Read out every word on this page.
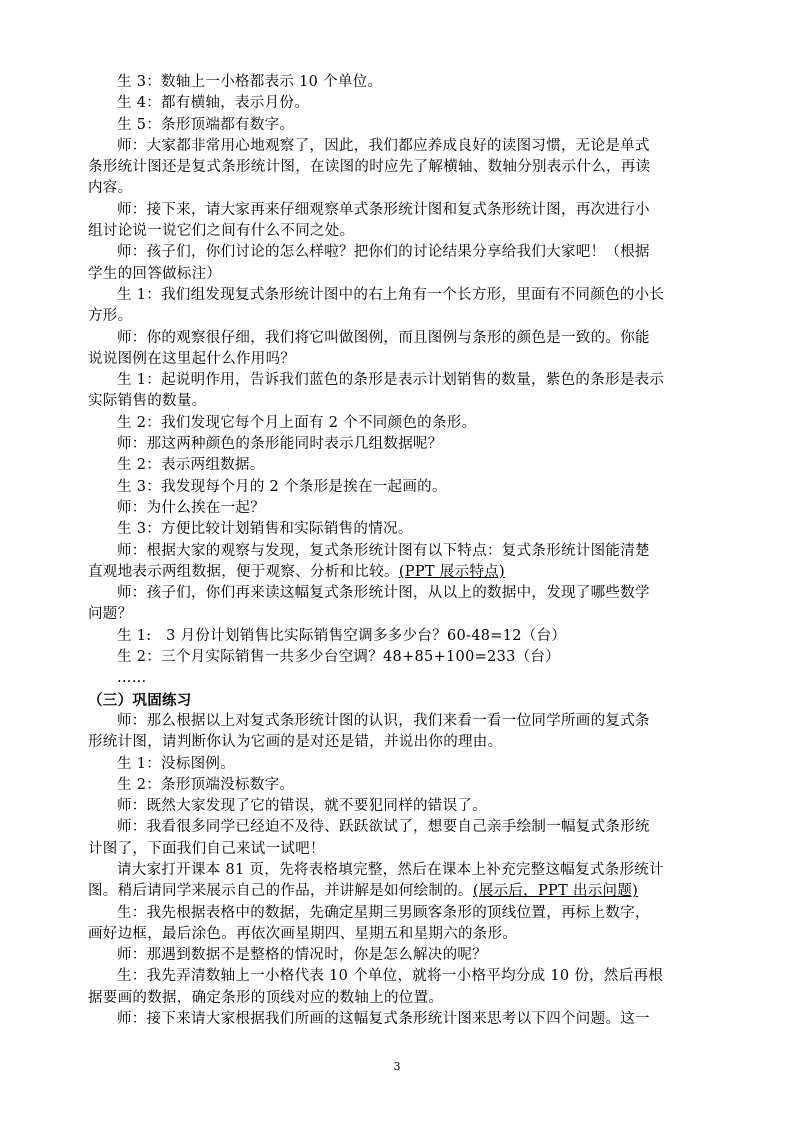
生 3：数轴上一小格都表示 10 个单位。
生 4：都有横轴，表示月份。
生 5：条形顶端都有数字。
师：大家都非常用心地观察了，因此，我们都应养成良好的读图习惯，无论是单式
条形统计图还是复式条形统计图，在读图的时应先了解横轴、数轴分别表示什么，再读
内容。
师：接下来，请大家再来仔细观察单式条形统计图和复式条形统计图，再次进行小
组讨论说一说它们之间有什么不同之处。
师：孩子们，你们讨论的怎么样啦？把你们的讨论结果分享给我们大家吧！（根据
学生的回答做标注）
生 1：我们组发现复式条形统计图中的右上角有一个长方形，里面有不同颜色的小长
方形。
师：你的观察很仔细，我们将它叫做图例，而且图例与条形的颜色是一致的。你能
说说图例在这里起什么作用吗？
生 1：起说明作用，告诉我们蓝色的条形是表示计划销售的数量，紫色的条形是表示
实际销售的数量。
生 2：我们发现它每个月上面有 2 个不同颜色的条形。
师：那这两种颜色的条形能同时表示几组数据呢？
生 2：表示两组数据。
生 3：我发现每个月的 2 个条形是挨在一起画的。
师：为什么挨在一起？
生 3：方便比较计划销售和实际销售的情况。
师：根据大家的观察与发现，复式条形统计图有以下特点：复式条形统计图能清楚
直观地表示两组数据，便于观察、分析和比较。(PPT 展示特点)
师：孩子们，你们再来读这幅复式条形统计图，从以上的数据中，发现了哪些数学
问题？
生 1:   3 月份计划销售比实际销售空调多多少台？60-48=12（台）
生 2：三个月实际销售一共多少台空调？48+85+100=233（台）
……
（三）巩固练习
师：那么根据以上对复式条形统计图的认识，我们来看一看一位同学所画的复式条
形统计图，请判断你认为它画的是对还是错，并说出你的理由。
生 1：没标图例。
生 2：条形顶端没标数字。
师：既然大家发现了它的错误，就不要犯同样的错误了。
师：我看很多同学已经迫不及待、跃跃欲试了，想要自己亲手绘制一幅复式条形统
计图了，下面我们自己来试一试吧！
请大家打开课本 81 页，先将表格填完整，然后在课本上补充完整这幅复式条形统计
图。稍后请同学来展示自己的作品，并讲解是如何绘制的。(展示后，PPT 出示问题)
生：我先根据表格中的数据，先确定星期三男顾客条形的顶线位置，再标上数字，
画好边框，最后涂色。再依次画星期四、星期五和星期六的条形。
师：那遇到数据不是整格的情况时，你是怎么解决的呢？
生：我先弄清数轴上一小格代表 10 个单位，就将一小格平均分成 10 份，然后再根
据要画的数据，确定条形的顶线对应的数轴上的位置。
师：接下来请大家根据我们所画的这幅复式条形统计图来思考以下四个问题。这一
3
